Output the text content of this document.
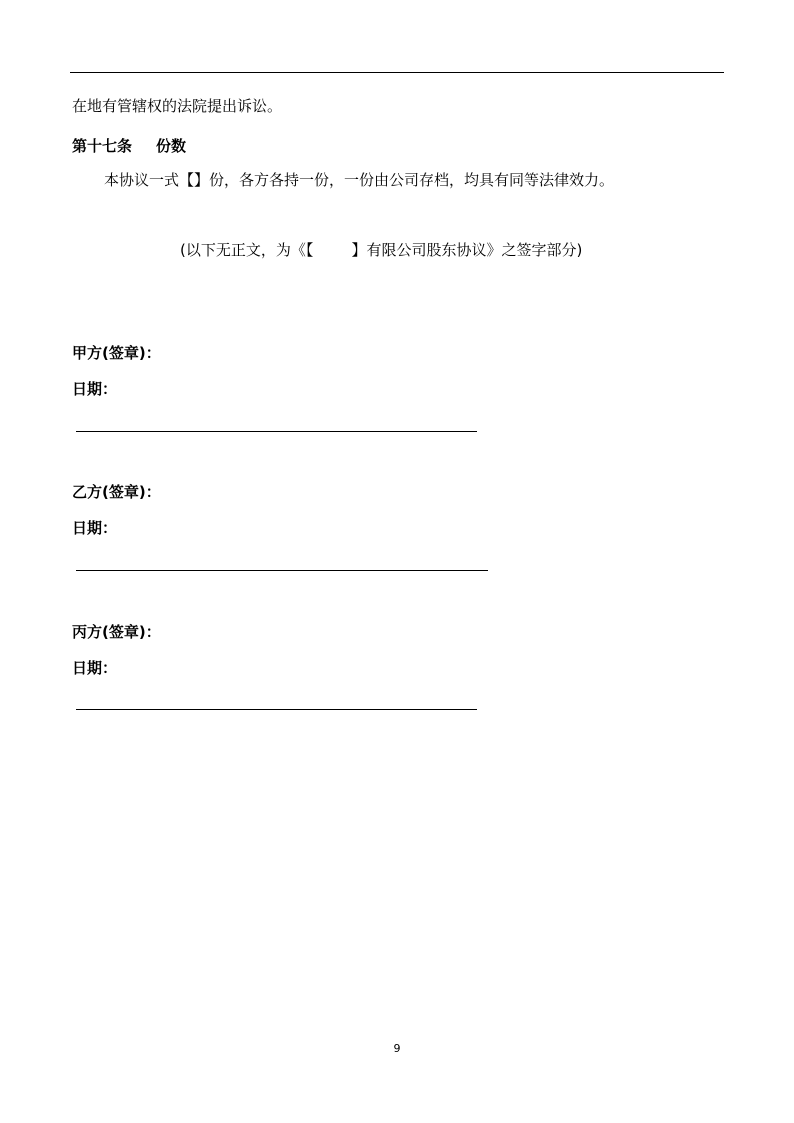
在地有管辖权的法院提出诉讼。
第十七条 份数
本协议一式【】份，各方各持一份，一份由公司存档，均具有同等法律效力。
(以下无正文，为《【        】有限公司股东协议》之签字部分)
甲方(签章)：
日期：
乙方(签章)：
日期：
丙方(签章)：
日期：
9
